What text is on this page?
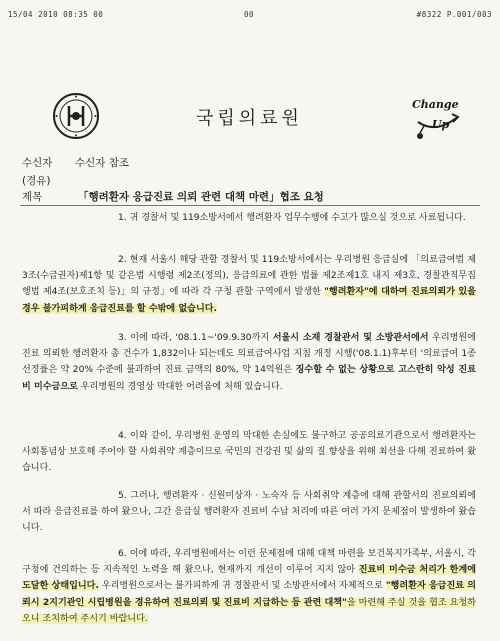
15/04 2010 08:35 00	00	#8322 P.001/003
국립의료원
Change
Up
수신자 수신자 참조
(경유)
제목	「행려환자 응급진료 의뢰 관련 대책 마련」협조 요청
1. 귀 경찰서 및 119소방서에서 행려환자 업무수행에 수고가 많으실 것으로 사료됩니다.
2. 현재 서울시 해당 관할 경찰서 및 119소방서에서는 우리병원 응급실에 「의료급여법 제3조(수급권자)제1항 및 같은법 시행령 제2조(정의), 응급의료에 관한 법률 제2조제1호 내지 제3호, 경찰관직무집행법 제4조(보호조치 등)」의 규정」에 따라 각 구청 관할 구역에서 발생한 "행려환자"에 대하여 진료의뢰가 있을 경우 불가피하게 응급진료를 할 수밖에 없습니다.
3. 이에 따라, '08.1.1~'09.9.30까지 서울시 소재 경찰관서 및 소방관서에서 우리병원에 진료 의뢰한 행려환자 총 건수가 1,832이나 되는데도 의료급여사업 지침 개정 시행('08.1.1)후부터 '의료급여 1종 선정률은 약 20% 수준에 불과하여 진료 금액의 80%, 약 14억원은 징수할 수 없는 상황으로 고스란히 악성 진료비 미수금으로 우리병원의 경영상 막대한 어려움에 처해 있습니다.
4. 이와 같이, 우리병원 운영의 막대한 손실에도 불구하고 공공의료기관으로서 행려환자는 사회통념상 보호해 주어야 할 사회취약 계층이므로 국민의 건강권 및 삶의 질 향상을 위해 최선을 다해 진료하여 왔습니다.
5. 그러나, 행려환자 · 신원미상자 · 노숙자 등 사회취약 계층에 대해 관할서의 진료의뢰에서 따라 응급진료를 하여 왔으나, 그간 응급실 행려환자 진료비 수납 처리에 따른 여러 가지 문제점이 발생하여 왔습니다.
6. 이에 따라, 우리병원에서는 이런 문제점에 대해 대책 마련을 보건복지가족부, 서울시, 각 구청에 건의하는 등 지속적인 노력을 해 왔으나, 현재까지 개선이 이루어 지지 않아 진료비 미수금 처리가 한계에 도달한 상태입니다. 우리병원으로서는 불가피하게 귀 경찰관서 및 소방관서에서 자체적으로 "행려환자 응급진료 의뢰시 2지기관인 시립병원을 경유하여 진료의뢰 및 진료비 지급하는 등 관련 대책"을 마련해 주실 것을 협조 요청하오니 조치하여 주시기 바랍니다.
